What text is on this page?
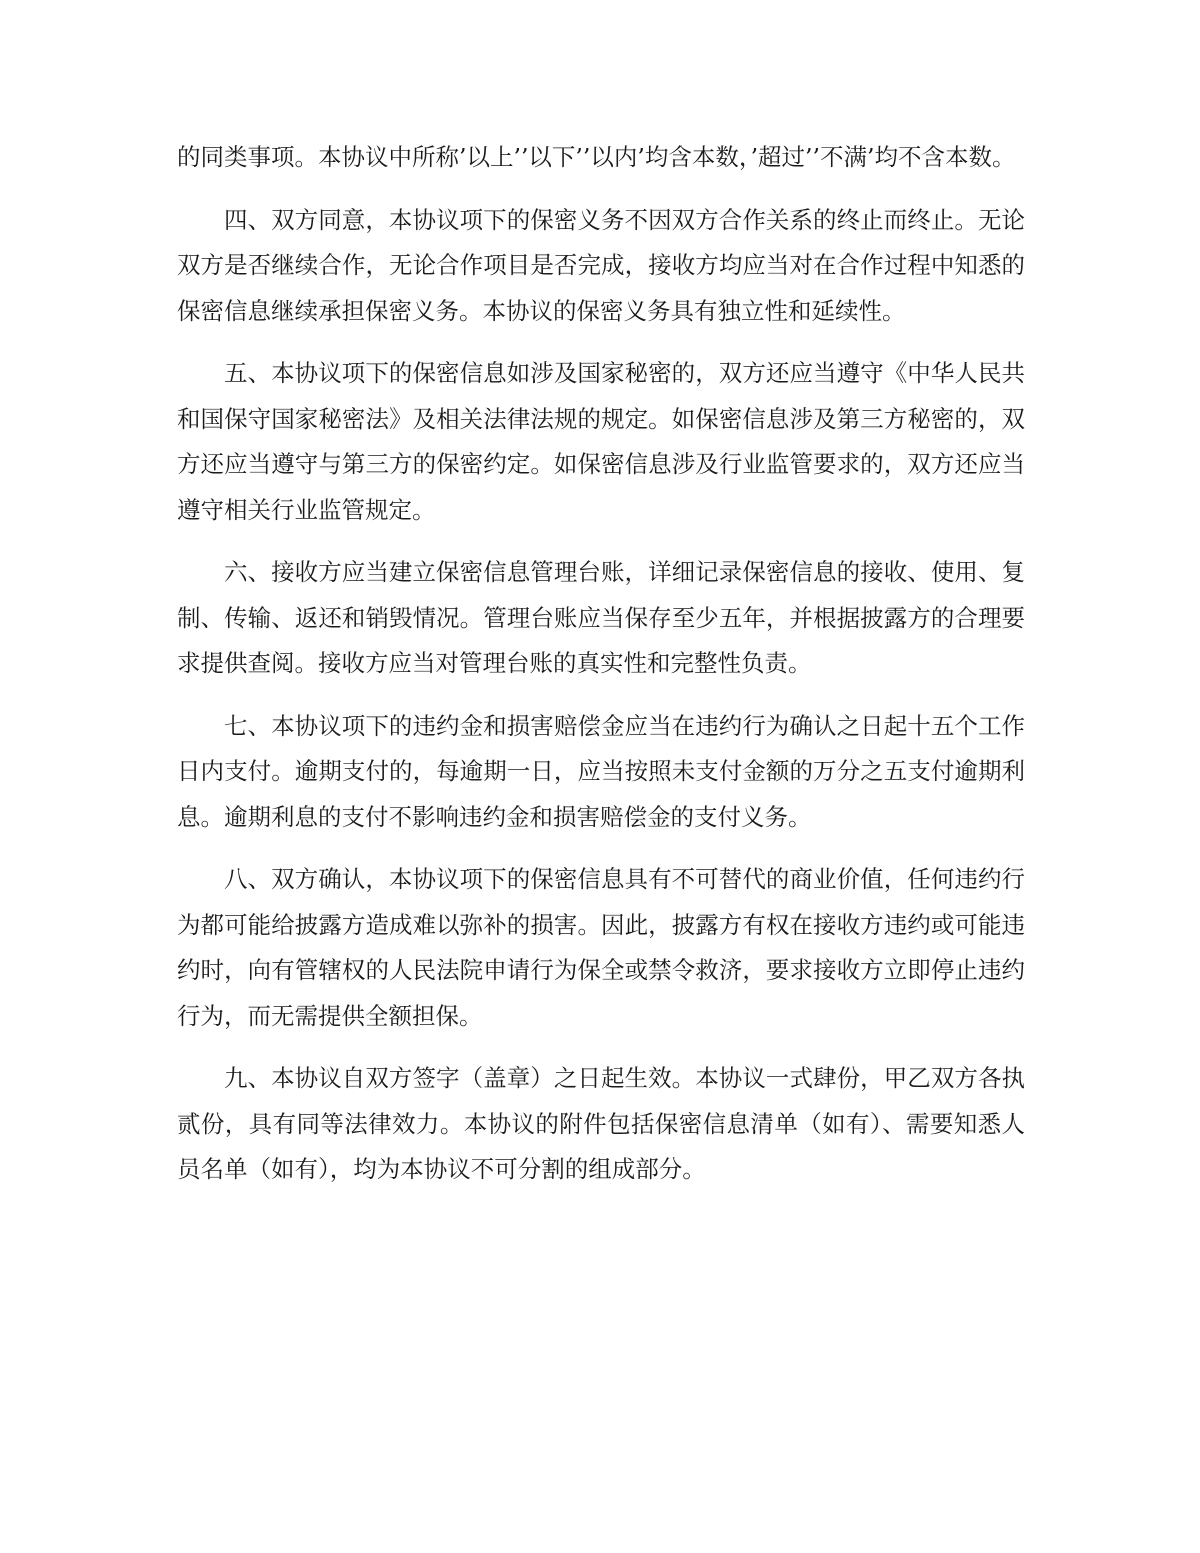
的同类事项。本协议中所称’以上’’以下’’以内’均含本数，’超过’’不满’均不含本数。

四、双方同意，本协议项下的保密义务不因双方合作关系的终止而终止。无论双方是否继续合作，无论合作项目是否完成，接收方均应当对在合作过程中知悉的保密信息继续承担保密义务。本协议的保密义务具有独立性和延续性。

五、本协议项下的保密信息如涉及国家秘密的，双方还应当遵守《中华人民共和国保守国家秘密法》及相关法律法规的规定。如保密信息涉及第三方秘密的，双方还应当遵守与第三方的保密约定。如保密信息涉及行业监管要求的，双方还应当遵守相关行业监管规定。

六、接收方应当建立保密信息管理台账，详细记录保密信息的接收、使用、复制、传输、返还和销毁情况。管理台账应当保存至少五年，并根据披露方的合理要求提供查阅。接收方应当对管理台账的真实性和完整性负责。

七、本协议项下的违约金和损害赔偿金应当在违约行为确认之日起十五个工作日内支付。逾期支付的，每逾期一日，应当按照未支付金额的万分之五支付逾期利息。逾期利息的支付不影响违约金和损害赔偿金的支付义务。

八、双方确认，本协议项下的保密信息具有不可替代的商业价值，任何违约行为都可能给披露方造成难以弥补的损害。因此，披露方有权在接收方违约或可能违约时，向有管辖权的人民法院申请行为保全或禁令救济，要求接收方立即停止违约行为，而无需提供全额担保。

九、本协议自双方签字（盖章）之日起生效。本协议一式肆份，甲乙双方各执贰份，具有同等法律效力。本协议的附件包括保密信息清单（如有）、需要知悉人员名单（如有），均为本协议不可分割的组成部分。
